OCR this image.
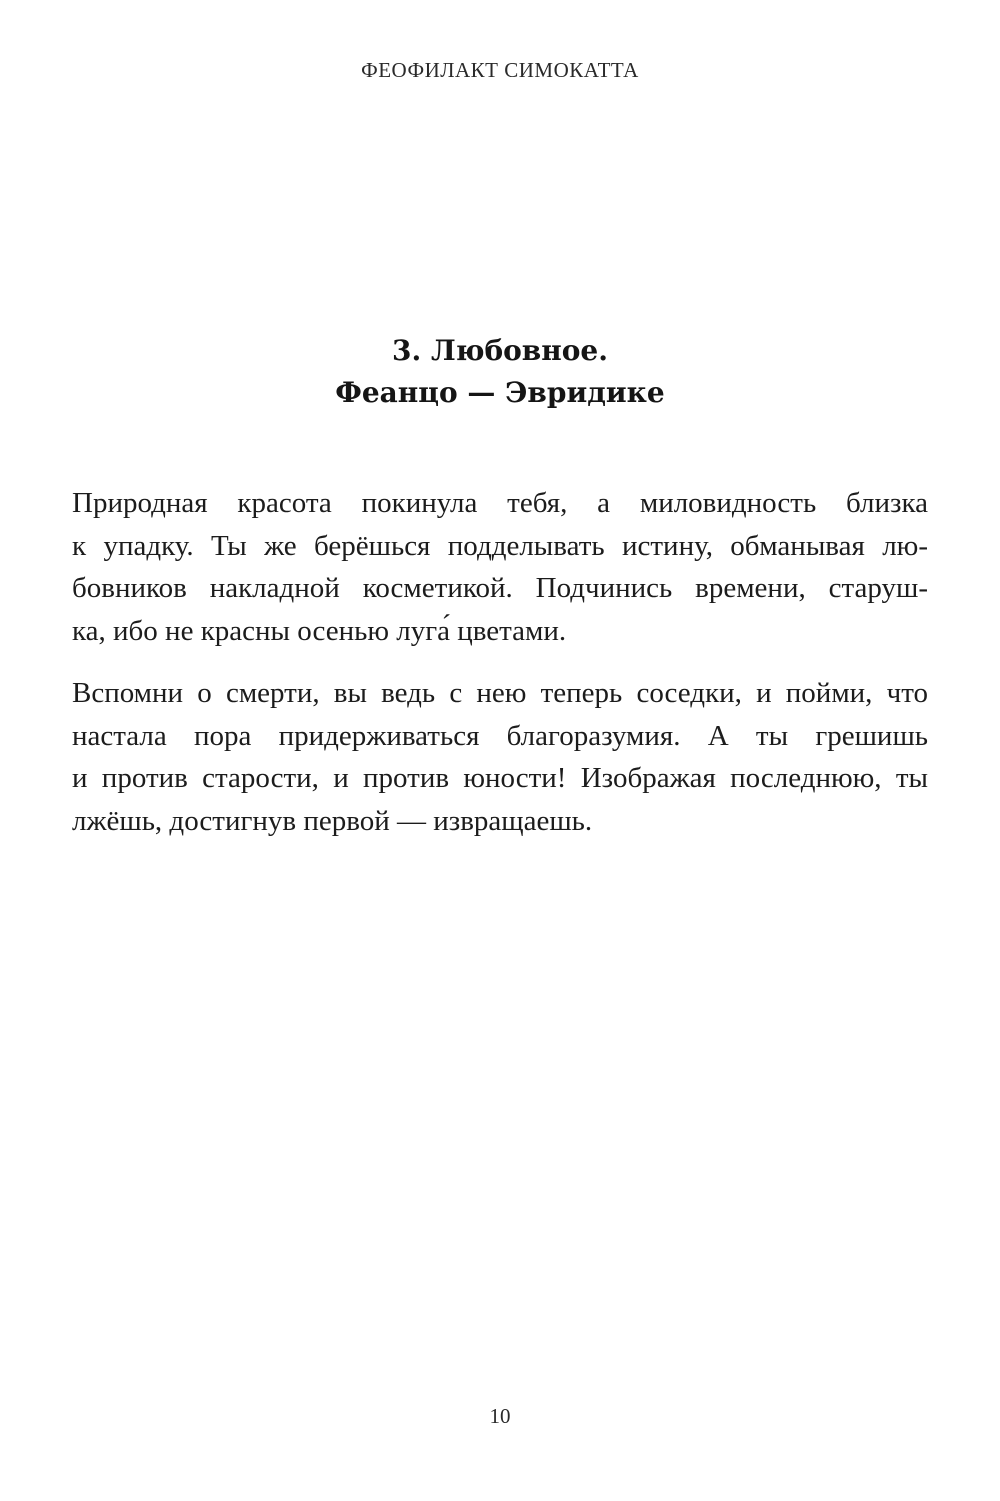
ФЕОФИЛАКТ СИМОКАТТА
3. Любовное.
Феанцо — Эвридике
Природная красота покинула тебя, а миловидность близка
к упадку. Ты же берёшься подделывать истину, обманывая лю-
бовников накладной косметикой. Подчинись времени, старуш-
ка, ибо не красны осенью луга́ цветами.
Вспомни о смерти, вы ведь с нею теперь соседки, и пойми, что
настала пора придерживаться благоразумия. А ты грешишь
и против старости, и против юности! Изображая последнюю, ты
лжёшь, достигнув первой — извращаешь.
10
